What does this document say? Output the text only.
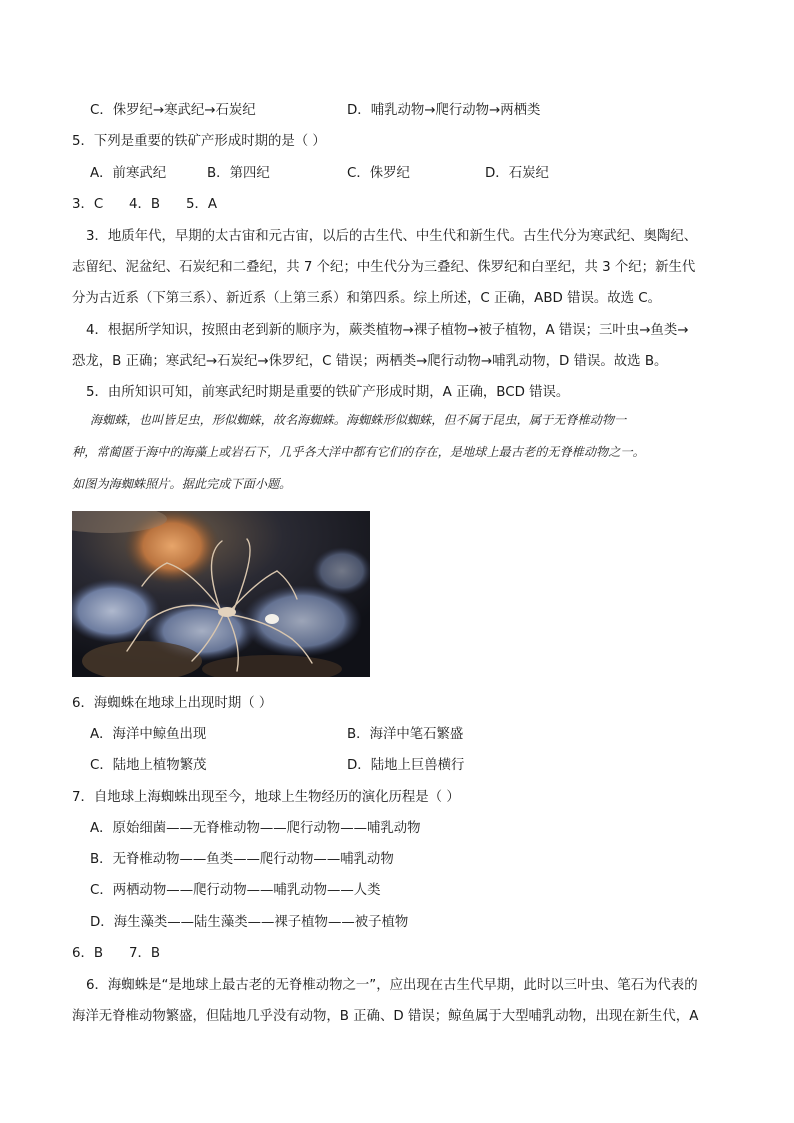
C．侏罗纪→寒武纪→石炭纪	D．哺乳动物→爬行动物→两栖类
5．下列是重要的铁矿产形成时期的是（ ）
A．前寒武纪	B．第四纪	C．侏罗纪	D．石炭纪
3．C 4．B 5．A
3．地质年代，早期的太古宙和元古宙，以后的古生代、中生代和新生代。古生代分为寒武纪、奥陶纪、
志留纪、泥盆纪、石炭纪和二叠纪，共 7 个纪；中生代分为三叠纪、侏罗纪和白垩纪，共 3 个纪；新生代
分为古近系（下第三系）、新近系（上第三系）和第四系。综上所述，C 正确，ABD 错误。故选 C。
4．根据所学知识，按照由老到新的顺序为，蕨类植物→裸子植物→被子植物，A 错误；三叶虫→鱼类→
恐龙，B 正确；寒武纪→石炭纪→侏罗纪，C 错误；两栖类→爬行动物→哺乳动物，D 错误。故选 B。
5．由所知识可知，前寒武纪时期是重要的铁矿产形成时期，A 正确，BCD 错误。
海蜘蛛，也叫皆足虫，形似蜘蛛，故名海蜘蛛。海蜘蛛形似蜘蛛，但不属于昆虫，属于无脊椎动物一
种，常蔺匿于海中的海藻上或岩石下，几乎各大洋中都有它们的存在，是地球上最古老的无脊椎动物之一。
如图为海蜘蛛照片。据此完成下面小题。
6．海蜘蛛在地球上出现时期（ ）
A．海洋中鲸鱼出现	B．海洋中笔石繁盛
C．陆地上植物繁茂	D．陆地上巨兽横行
7．自地球上海蜘蛛出现至今，地球上生物经历的演化历程是（ ）
A．原始细菌——无脊椎动物——爬行动物——哺乳动物
B．无脊椎动物——鱼类——爬行动物——哺乳动物
C．两栖动物——爬行动物——哺乳动物——人类
D．海生藻类——陆生藻类——裸子植物——被子植物
6．B 7．B
6．海蜘蛛是“是地球上最古老的无脊椎动物之一”，应出现在古生代早期，此时以三叶虫、笔石为代表的
海洋无脊椎动物繁盛，但陆地几乎没有动物，B 正确、D 错误；鲸鱼属于大型哺乳动物，出现在新生代，A
